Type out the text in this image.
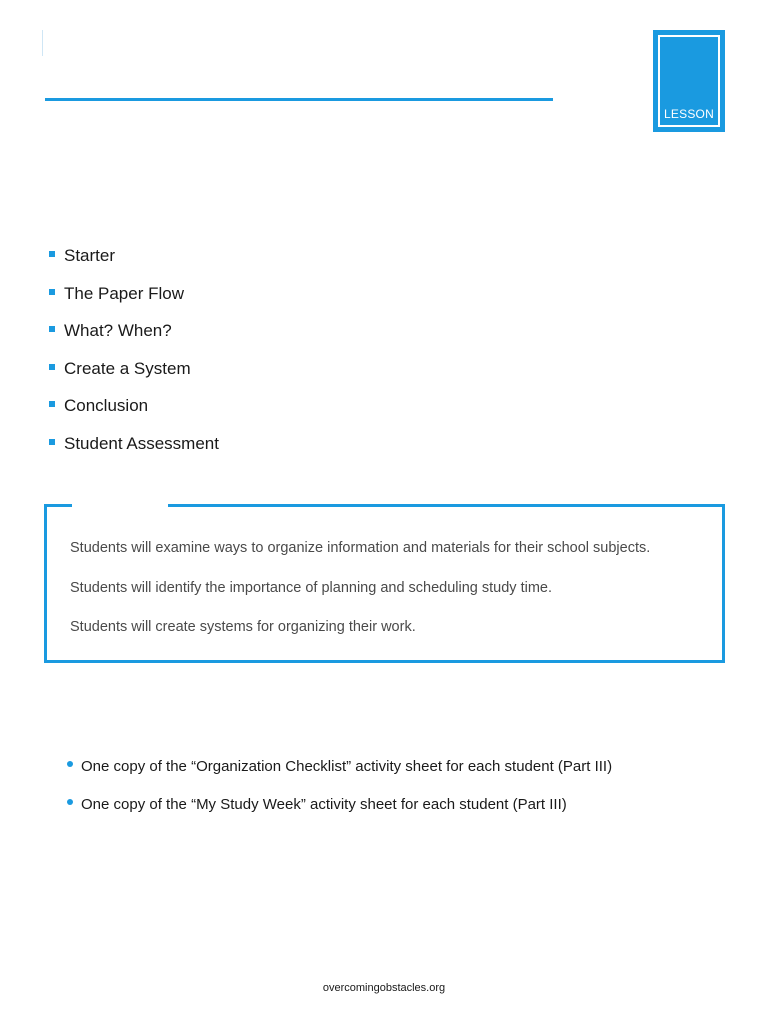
LESSON
Starter
The Paper Flow
What? When?
Create a System
Conclusion
Student Assessment

Students will examine ways to organize information and materials for their school subjects.

Students will identify the importance of planning and scheduling study time.

Students will create systems for organizing their work.

One copy of the “Organization Checklist” activity sheet for each student (Part III)
One copy of the “My Study Week” activity sheet for each student (Part III)
overcomingobstacles.org
